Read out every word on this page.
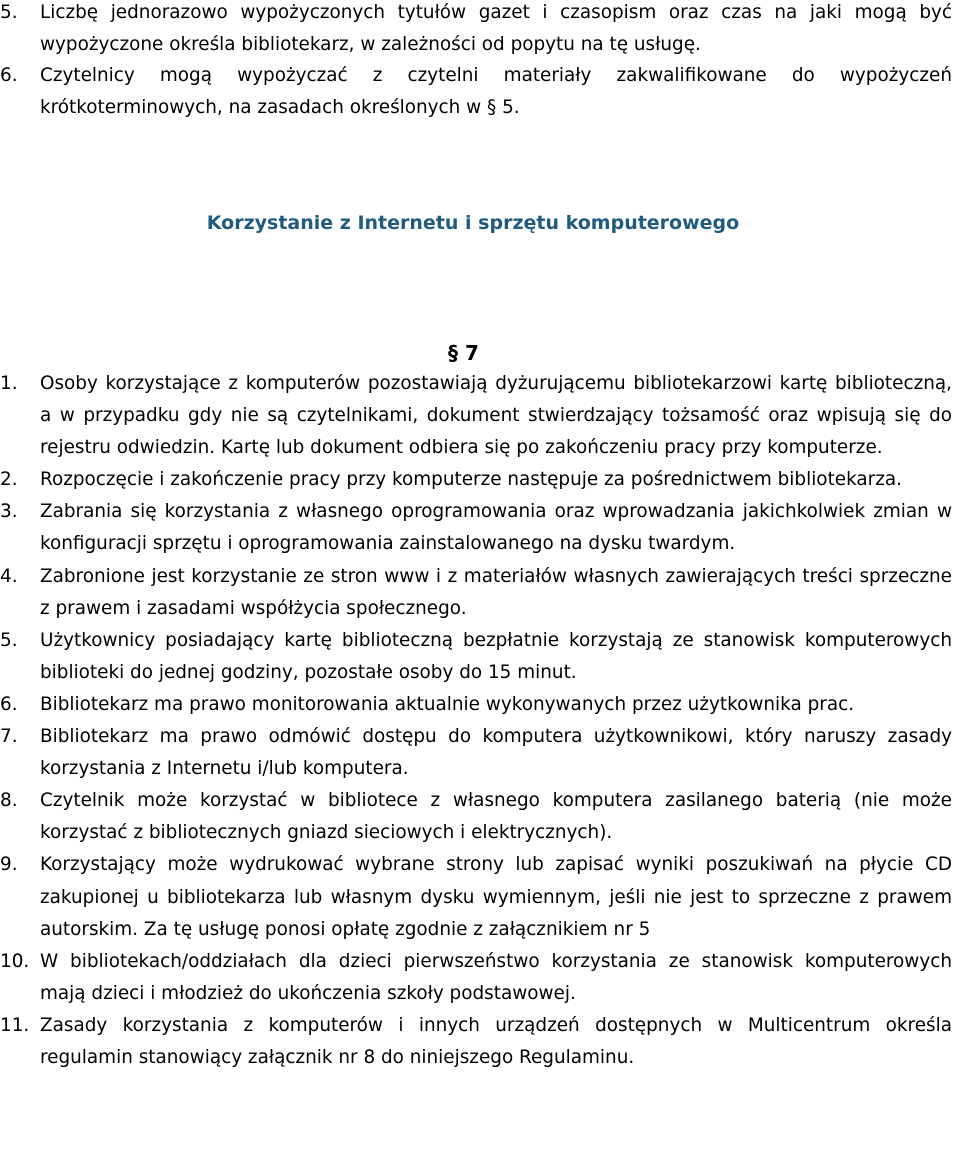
5.	Liczbę jednorazowo wypożyczonych tytułów gazet i czasopism oraz czas na jaki mogą być wypożyczone określa bibliotekarz, w zależności od popytu na tę usługę.
6.	Czytelnicy mogą wypożyczać z czytelni materiały zakwalifikowane do wypożyczeń krótkoterminowych, na zasadach określonych w § 5.
Korzystanie z Internetu i sprzętu komputerowego
§ 7
1.	Osoby korzystające z komputerów pozostawiają dyżurującemu bibliotekarzowi kartę biblioteczną, a w przypadku gdy nie są czytelnikami, dokument stwierdzający tożsamość oraz wpisują się do rejestru odwiedzin. Kartę lub dokument odbiera się po zakończeniu pracy przy komputerze.
2.	Rozpoczęcie i zakończenie pracy przy komputerze następuje za pośrednictwem bibliotekarza.
3.	Zabrania się korzystania z własnego oprogramowania oraz wprowadzania jakichkolwiek zmian w konfiguracji sprzętu i oprogramowania zainstalowanego na dysku twardym.
4.	Zabronione jest korzystanie ze stron www i z materiałów własnych zawierających treści sprzeczne z prawem i zasadami współżycia społecznego.
5.	Użytkownicy posiadający kartę biblioteczną bezpłatnie korzystają ze stanowisk komputerowych biblioteki do jednej godziny, pozostałe osoby do 15 minut.
6.	Bibliotekarz ma prawo monitorowania aktualnie wykonywanych przez użytkownika prac.
7.	Bibliotekarz ma prawo odmówić dostępu do komputera użytkownikowi, który naruszy zasady korzystania z Internetu i/lub komputera.
8.	Czytelnik może korzystać w bibliotece z własnego komputera zasilanego baterią (nie może korzystać z bibliotecznych gniazd sieciowych i elektrycznych).
9.	Korzystający może wydrukować wybrane strony lub zapisać wyniki poszukiwań na płycie CD zakupionej u bibliotekarza lub własnym dysku wymiennym, jeśli nie jest to sprzeczne z prawem autorskim. Za tę usługę ponosi opłatę zgodnie z załącznikiem nr 5
10. W bibliotekach/oddziałach dla dzieci pierwszeństwo korzystania ze stanowisk komputerowych mają dzieci i młodzież do ukończenia szkoły podstawowej.
11. Zasady korzystania z komputerów i innych urządzeń dostępnych w Multicentrum określa regulamin stanowiący załącznik nr 8 do niniejszego Regulaminu.
